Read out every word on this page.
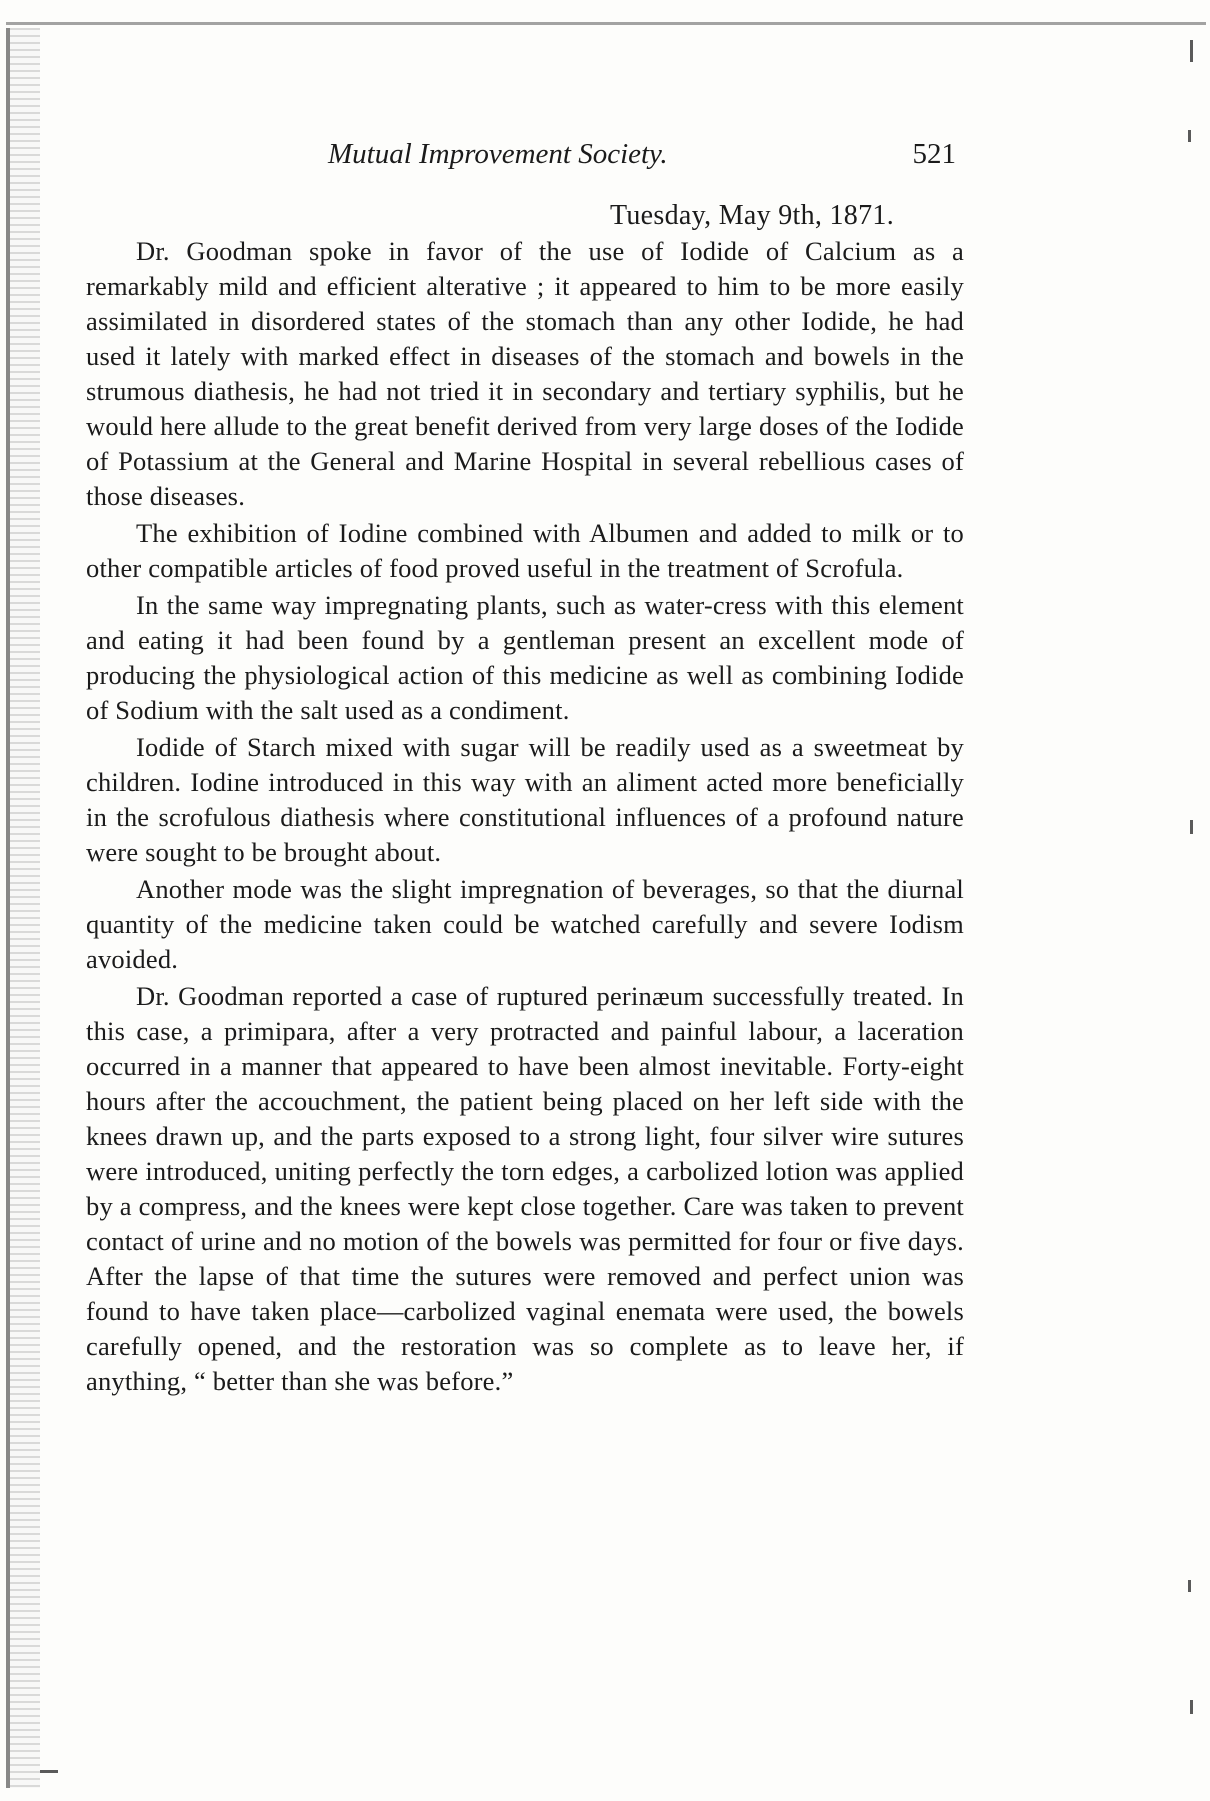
Mutual Improvement Society.	521
Tuesday, May 9th, 1871.

Dr. Goodman spoke in favor of the use of Iodide of Calcium as a remarkably mild and efficient alterative ; it appeared to him to be more easily assimilated in disordered states of the stomach than any other Iodide, he had used it lately with marked effect in diseases of the stomach and bowels in the strumous diathesis, he had not tried it in secondary and tertiary syphilis, but he would here allude to the great benefit derived from very large doses of the Iodide of Potassium at the General and Marine Hospital in several rebellious cases of those diseases.

The exhibition of Iodine combined with Albumen and added to milk or to other compatible articles of food proved useful in the treatment of Scrofula.

In the same way impregnating plants, such as water-cress with this element and eating it had been found by a gentleman present an excellent mode of producing the physiological action of this medicine as well as combining Iodide of Sodium with the salt used as a condiment.

Iodide of Starch mixed with sugar will be readily used as a sweetmeat by children. Iodine introduced in this way with an aliment acted more beneficially in the scrofulous diathesis where constitutional influences of a profound nature were sought to be brought about.

Another mode was the slight impregnation of beverages, so that the diurnal quantity of the medicine taken could be watched carefully and severe Iodism avoided.

Dr. Goodman reported a case of ruptured perinæum successfully treated. In this case, a primipara, after a very protracted and painful labour, a laceration occurred in a manner that appeared to have been almost inevitable. Forty-eight hours after the accouchment, the patient being placed on her left side with the knees drawn up, and the parts exposed to a strong light, four silver wire sutures were introduced, uniting perfectly the torn edges, a carbolized lotion was applied by a compress, and the knees were kept close together. Care was taken to prevent contact of urine and no motion of the bowels was permitted for four or five days. After the lapse of that time the sutures were removed and perfect union was found to have taken place—carbolized vaginal enemata were used, the bowels carefully opened, and the restoration was so complete as to leave her, if anything, “ better than she was before.”
